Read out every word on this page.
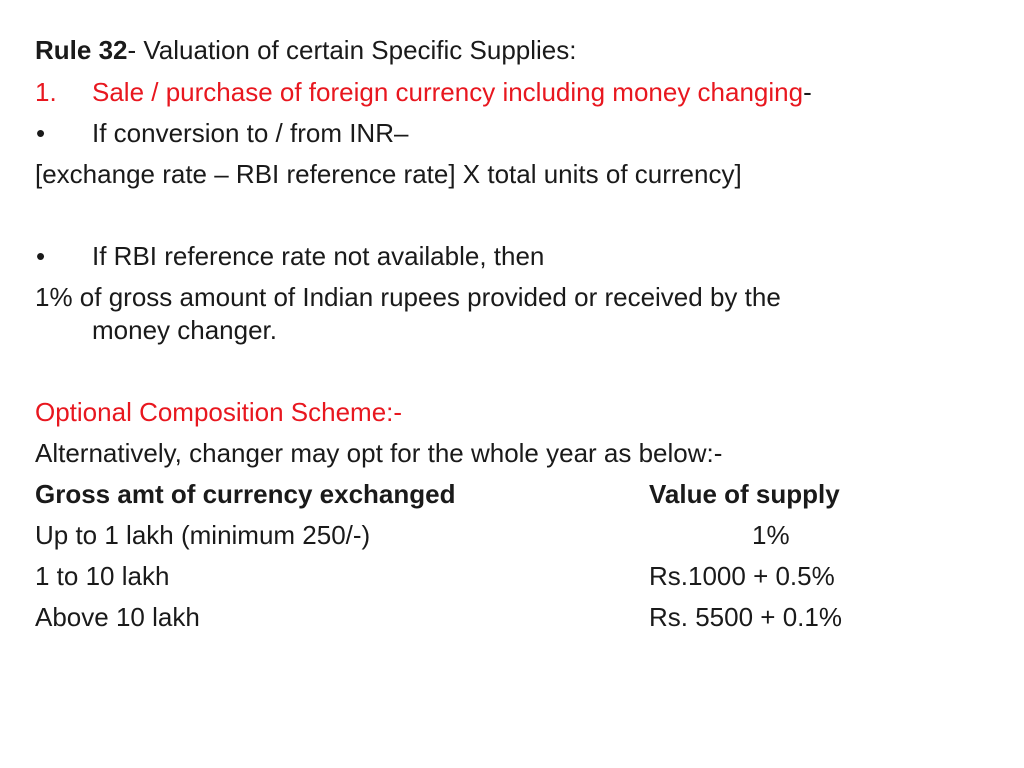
Rule 32- Valuation of certain Specific Supplies:
1. Sale / purchase of foreign currency including money changing-
• If conversion to / from INR–
[exchange rate – RBI reference rate] X total units of currency]
• If RBI reference rate not available, then
1% of gross amount of Indian rupees provided or received by the
money changer.
Optional Composition Scheme:-
Alternatively, changer may opt for the whole year as below:-
Gross amt of currency exchanged	Value of supply
Up to 1 lakh (minimum 250/-)	1%
1 to 10 lakh	Rs.1000 + 0.5%
Above 10 lakh	Rs. 5500 + 0.1%
